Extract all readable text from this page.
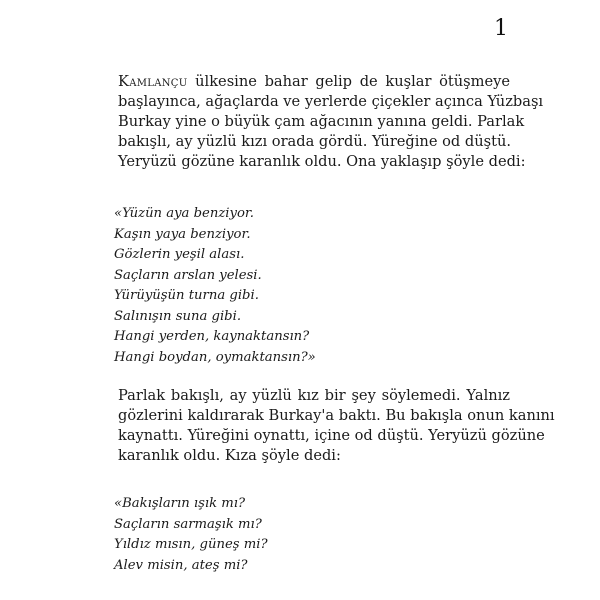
1

Kamlançu ülkesine bahar gelip de kuşlar ötüşmeye
başlayınca, ağaçlarda ve yerlerde çiçekler açınca Yüzbaşı
Burkay yine o büyük çam ağacının yanına geldi. Parlak
bakışlı, ay yüzlü kızı orada gördü. Yüreğine od düştü.
Yeryüzü gözüne karanlık oldu. Ona yaklaşıp şöyle dedi:

«Yüzün aya benziyor.
Kaşın yaya benziyor.
Gözlerin yeşil alası.
Saçların arslan yelesi.
Yürüyüşün turna gibi.
Salınışın suna gibi.
Hangi yerden, kaynaktansın?
Hangi boydan, oymaktansın?»

Parlak bakışlı, ay yüzlü kız bir şey söylemedi. Yalnız
gözlerini kaldırarak Burkay'a baktı. Bu bakışla onun kanını
kaynattı. Yüreğini oynattı, içine od düştü. Yeryüzü gözüne
karanlık oldu. Kıza şöyle dedi:

«Bakışların ışık mı?
Saçların sarmaşık mı?
Yıldız mısın, güneş mi?
Alev misin, ateş mi?
